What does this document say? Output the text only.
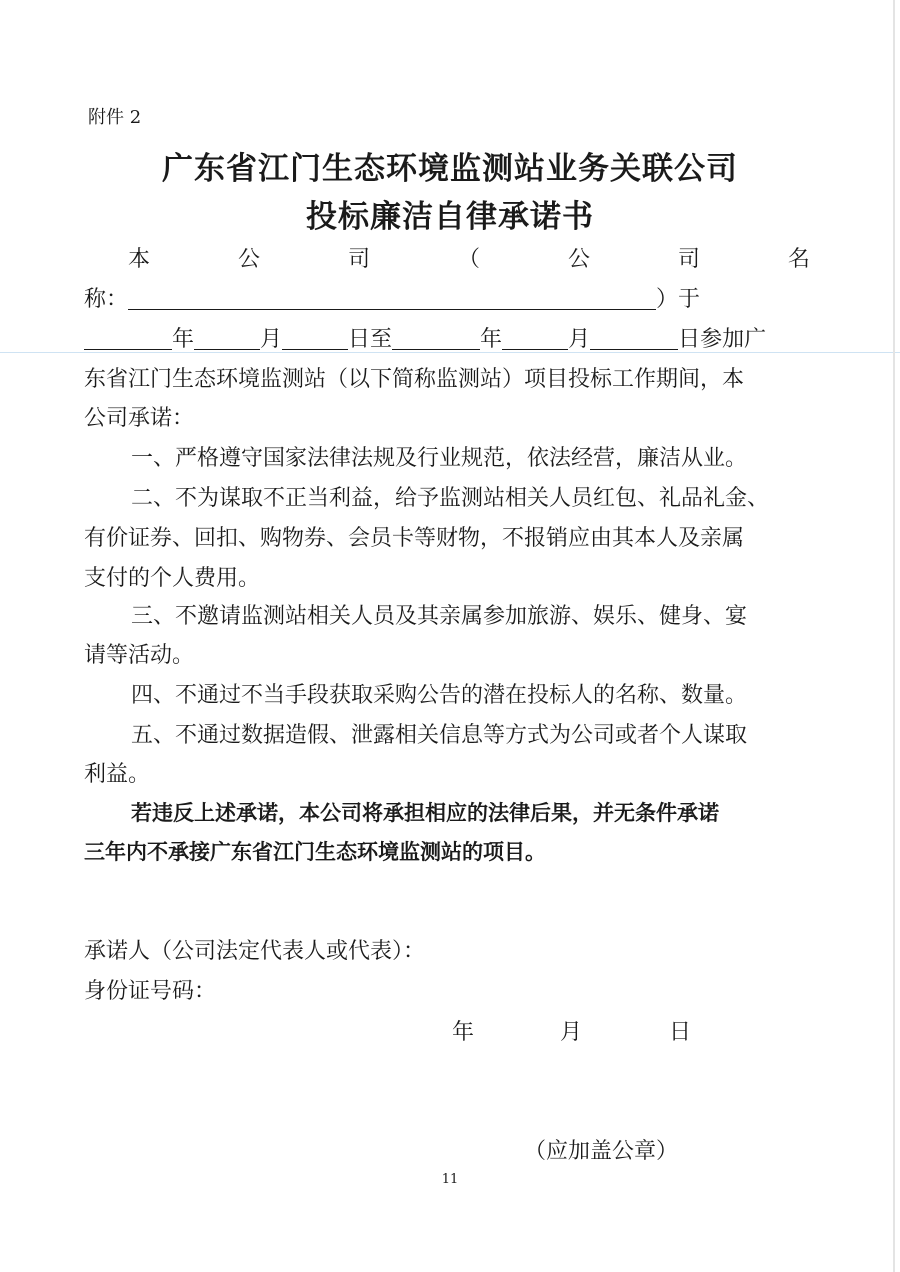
附件 2
广东省江门生态环境监测站业务关联公司
投标廉洁自律承诺书
本	公	司	（	公	司	名
称：	）于
年	月	日至	年	月	日参加广
东省江门生态环境监测站（以下简称监测站）项目投标工作期间，本
公司承诺：
一、严格遵守国家法律法规及行业规范，依法经营，廉洁从业。
二、不为谋取不正当利益，给予监测站相关人员红包、礼品礼金、
有价证券、回扣、购物券、会员卡等财物，不报销应由其本人及亲属
支付的个人费用。
三、不邀请监测站相关人员及其亲属参加旅游、娱乐、健身、宴
请等活动。
四、不通过不当手段获取采购公告的潜在投标人的名称、数量。
五、不通过数据造假、泄露相关信息等方式为公司或者个人谋取
利益。
若违反上述承诺，本公司将承担相应的法律后果，并无条件承诺
三年内不承接广东省江门生态环境监测站的项目。
承诺人（公司法定代表人或代表）：
身份证号码：
年	月	日
（应加盖公章）
11
